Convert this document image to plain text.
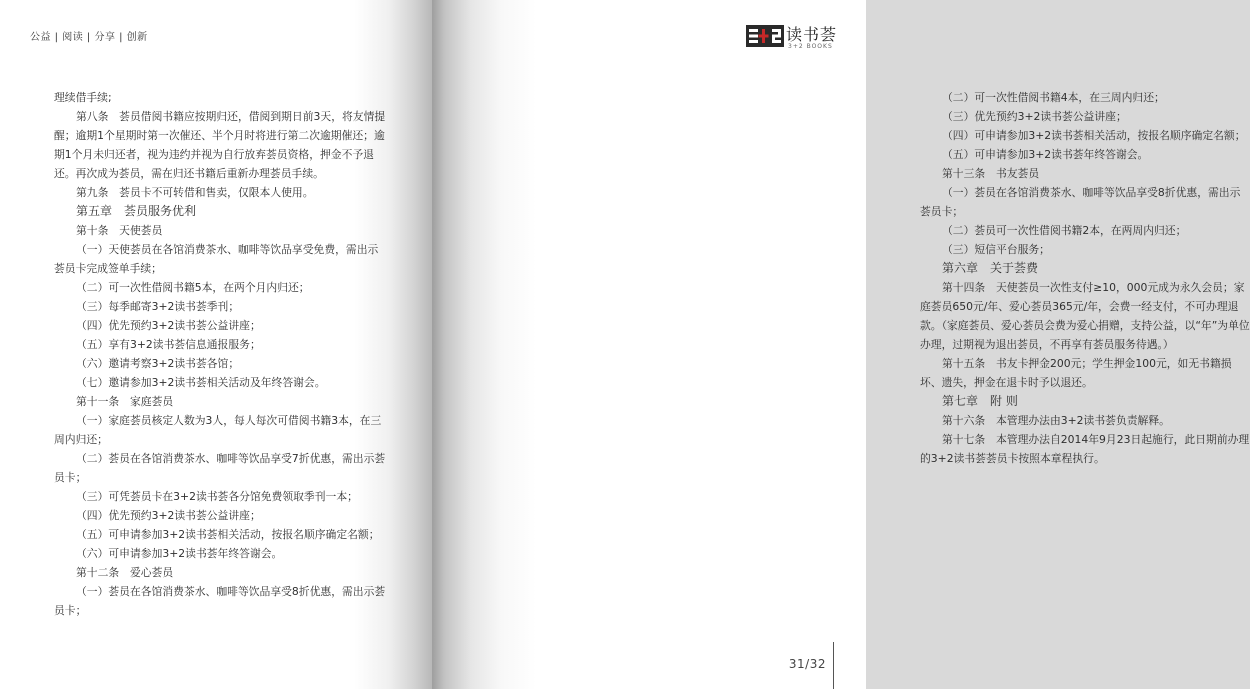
公益 | 阅读 | 分享 | 创新

理续借手续;

第八条　荟员借阅书籍应按期归还，借阅到期日前3天，将友情提醒；逾期1个星期时第一次催还、半个月时将进行第二次逾期催还；逾期1个月未归还者，视为违约并视为自行放弃荟员资格，押金不予退还。再次成为荟员，需在归还书籍后重新办理荟员手续。

第九条　荟员卡不可转借和售卖，仅限本人使用。

第五章　荟员服务优利

第十条　天使荟员

（一）天使荟员在各馆消费茶水、咖啡等饮品享受免费，需出示荟员卡完成签单手续；

（二）可一次性借阅书籍5本，在两个月内归还；

（三）每季邮寄3+2读书荟季刊；

（四）优先预约3+2读书荟公益讲座；

（五）享有3+2读书荟信息通报服务；

（六）邀请考察3+2读书荟各馆；

（七）邀请参加3+2读书荟相关活动及年终答谢会。

第十一条　家庭荟员

（一）家庭荟员核定人数为3人，每人每次可借阅书籍3本，在三周内归还；

（二）荟员在各馆消费茶水、咖啡等饮品享受7折优惠，需出示荟员卡；

（三）可凭荟员卡在3+2读书荟各分馆免费领取季刊一本；

（四）优先预约3+2读书荟公益讲座；

（五）可申请参加3+2读书荟相关活动，按报名顺序确定名额；

（六）可申请参加3+2读书荟年终答谢会。

第十二条　爱心荟员

（一）荟员在各馆消费茶水、咖啡等饮品享受8折优惠，需出示荟员卡；

读书荟
3+2 BOOKS

（二）可一次性借阅书籍4本，在三周内归还；

（三）优先预约3+2读书荟公益讲座；

（四）可申请参加3+2读书荟相关活动，按报名顺序确定名额；

（五）可申请参加3+2读书荟年终答谢会。

第十三条　书友荟员

（一）荟员在各馆消费茶水、咖啡等饮品享受8折优惠，需出示荟员卡；

（二）荟员可一次性借阅书籍2本，在两周内归还；

（三）短信平台服务；

第六章　关于荟费

第十四条　天使荟员一次性支付≥10，000元成为永久会员；家庭荟员650元/年、爱心荟员365元/年，会费一经支付，不可办理退款。（家庭荟员、爱心荟员会费为爱心捐赠，支持公益，以“年”为单位办理，过期视为退出荟员，不再享有荟员服务待遇。）

第十五条　书友卡押金200元；学生押金100元，如无书籍损坏、遗失，押金在退卡时予以退还。

第七章　附 则

第十六条　本管理办法由3+2读书荟负责解释。

第十七条　本管理办法自2014年9月23日起施行，此日期前办理的3+2读书荟荟员卡按照本章程执行。

31/32
